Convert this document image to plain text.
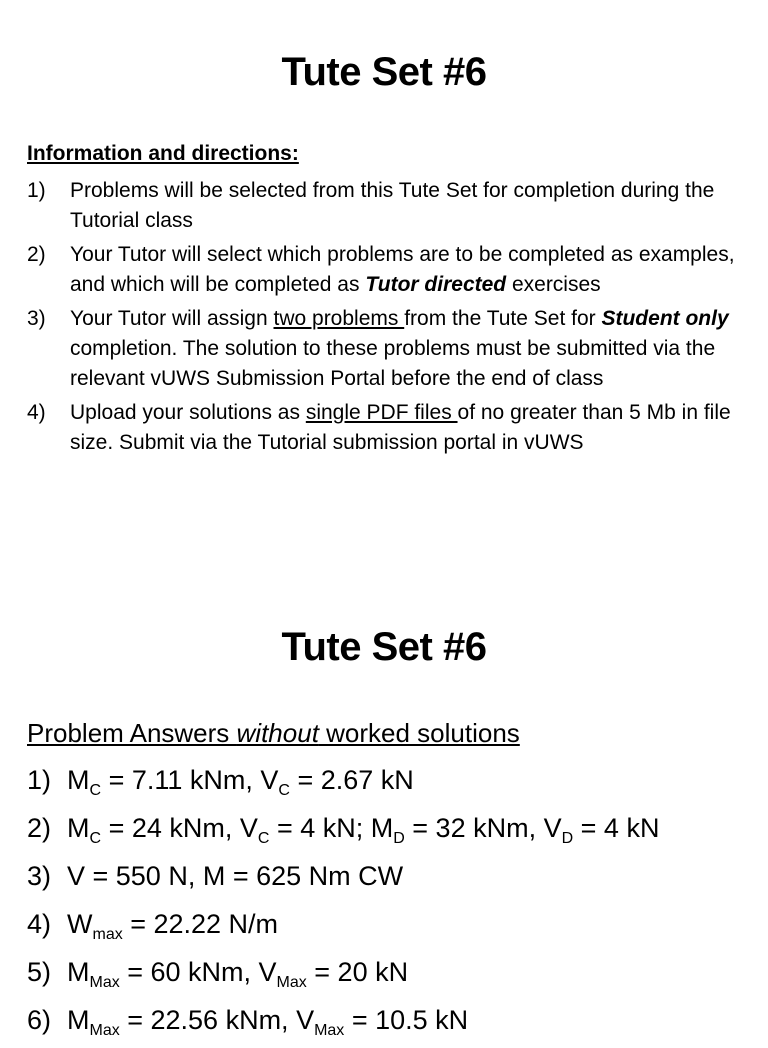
Tute Set #6
Information and directions:
1)	Problems will be selected from this Tute Set for completion during the Tutorial class
2)	Your Tutor will select which problems are to be completed as examples, and which will be completed as Tutor directed exercises
3)	Your Tutor will assign two problems from the Tute Set for Student only completion. The solution to these problems must be submitted via the relevant vUWS Submission Portal before the end of class
4)	Upload your solutions as single PDF files of no greater than 5 Mb in file size. Submit via the Tutorial submission portal in vUWS
Tute Set #6
Problem Answers without worked solutions
1) $M_C = 7.11$ kNm, $V_C = 2.67$ kN
2) $M_C = 24$ kNm, $V_C = 4$ kN; $M_D = 32$ kNm, $V_D = 4$ kN
3) V = 550 N, M = 625 Nm CW
4) $W_{max} = 22.22$ N/m
5) $M_{Max} = 60$ kNm, $V_{Max} = 20$ kN
6) $M_{Max} = 22.56$ kNm, $V_{Max} = 10.5$ kN
